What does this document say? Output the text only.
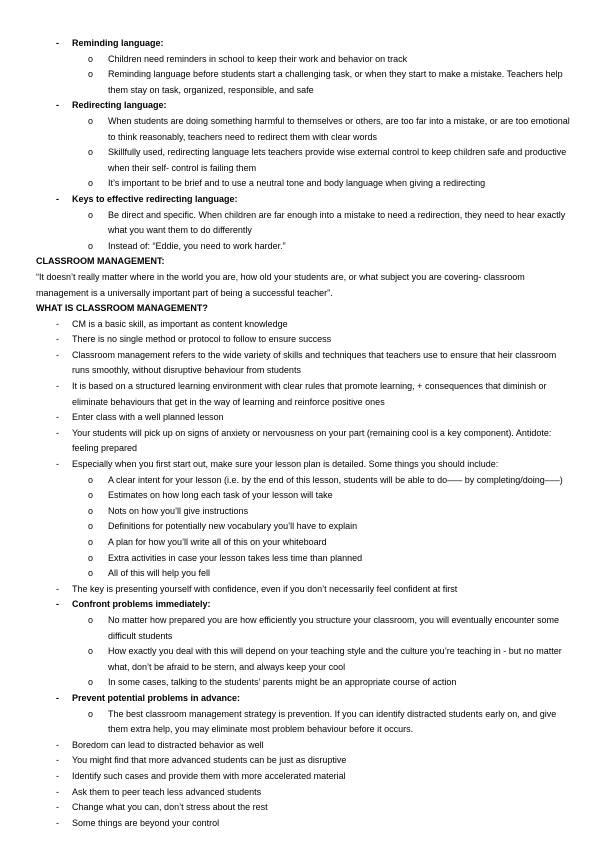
- Reminding language:
o Children need reminders in school to keep their work and behavior on track
o Reminding language before students start a challenging task, or when they start to make a mistake. Teachers help them stay on task, organized, responsible, and safe
- Redirecting language:
o When students are doing something harmful to themselves or others, are too far into a mistake, or are too emotional to think reasonably, teachers need to redirect them with clear words
o Skillfully used, redirecting language lets teachers provide wise external control to keep children safe and productive when their self- control is failing them
o It’s important to be brief and to use a neutral tone and body language when giving a redirecting
- Keys to effective redirecting language:
o Be direct and specific. When children are far enough into a mistake to need a redirection, they need to hear exactly what you want them to do differently
o Instead of: “Eddie, you need to work harder.”
CLASSROOM MANAGEMENT:
“It doesn’t really matter where in the world you are, how old your students are, or what subject you are covering- classroom management is a universally important part of being a successful teacher”.
WHAT IS CLASSROOM MANAGEMENT?
- CM is a basic skill, as important as content knowledge
- There is no single method or protocol to follow to ensure success
- Classroom management refers to the wide variety of skills and techniques that teachers use to ensure that heir classroom runs smoothly, without disruptive behaviour from students
- It is based on a structured learning environment with clear rules that promote learning, + consequences that diminish or eliminate behaviours that get in the way of learning and reinforce positive ones
- Enter class with a well planned lesson
- Your students will pick up on signs of anxiety or nervousness on your part (remaining cool is a key component). Antidote: feeling prepared
- Especially when you first start out, make sure your lesson plan is detailed. Some things you should include:
o A clear intent for your lesson (i.e. by the end of this lesson, students will be able to do––– by completing/doing–––)
o Estimates on how long each task of your lesson will take
o Nots on how you’ll give instructions
o Definitions for potentially new vocabulary you’ll have to explain
o A plan for how you’ll write all of this on your whiteboard
o Extra activities in case your lesson takes less time than planned
o All of this will help you fell
- The key is presenting yourself with confidence, even if you don’t necessarily feel confident at first
- Confront problems immediately:
o No matter how prepared you are how efficiently you structure your classroom, you will eventually encounter some difficult students
o How exactly you deal with this will depend on your teaching style and the culture you’re teaching in - but no matter what, don’t be afraid to be stern, and always keep your cool
o In some cases, talking to the students’ parents might be an appropriate course of action
- Prevent potential problems in advance:
o The best classroom management strategy is prevention. If you can identify distracted students early on, and give them extra help, you may eliminate most problem behaviour before it occurs.
- Boredom can lead to distracted behavior as well
- You might find that more advanced students can be just as disruptive
- Identify such cases and provide them with more accelerated material
- Ask them to peer teach less advanced students
- Change what you can, don’t stress about the rest
- Some things are beyond your control
